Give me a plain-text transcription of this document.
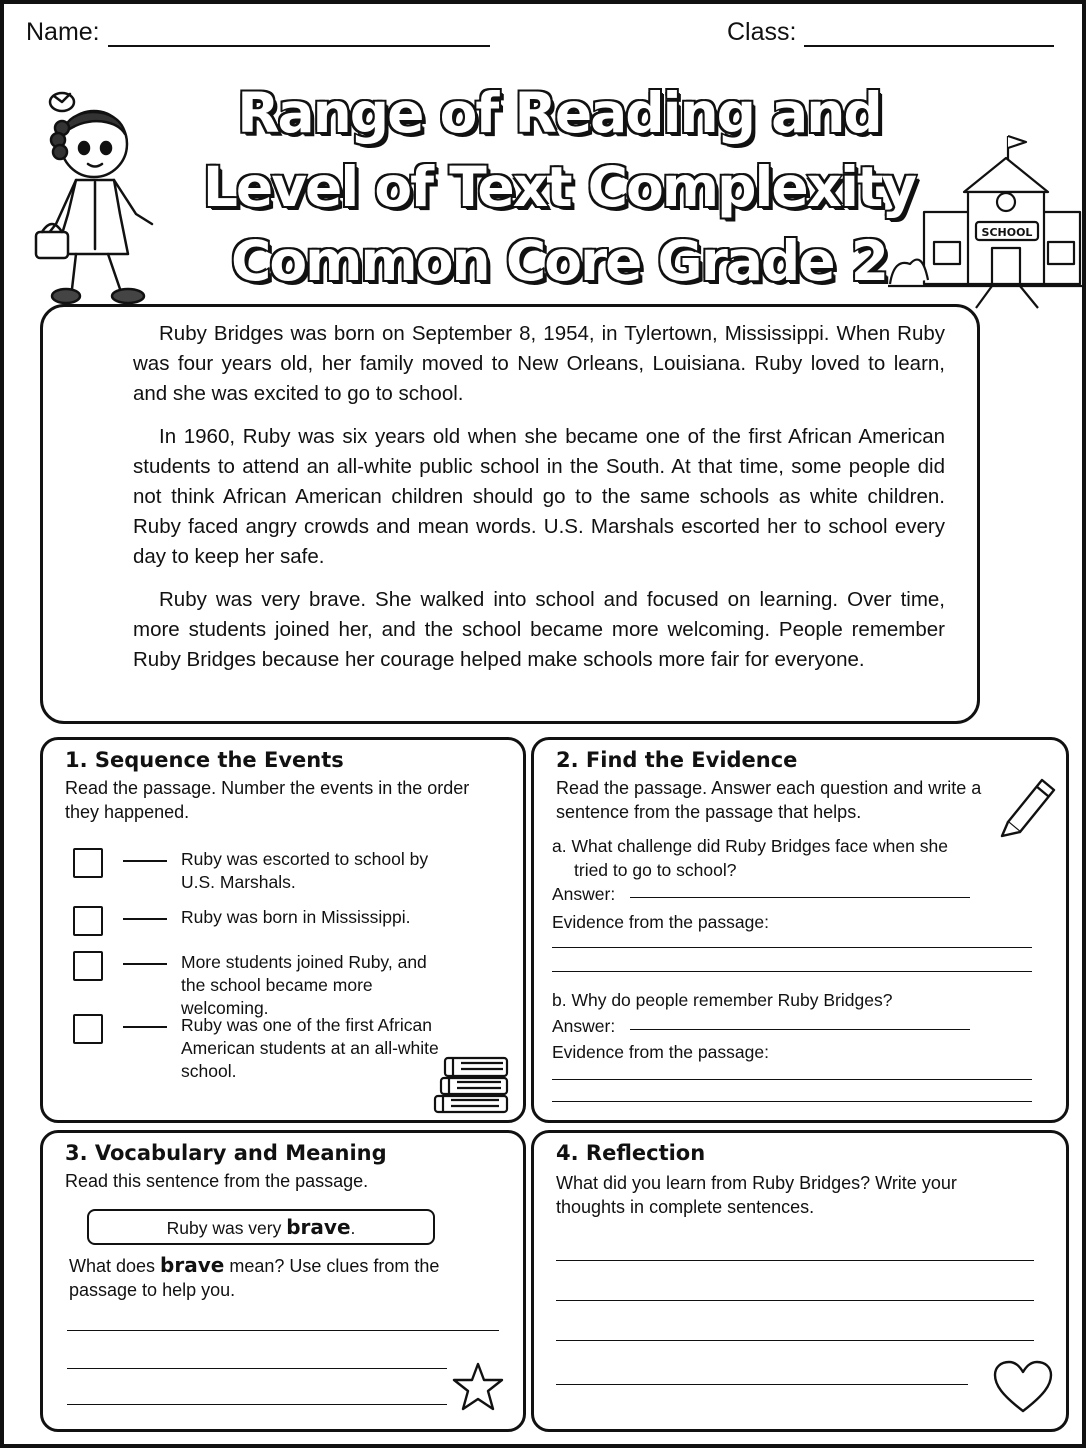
Name:	Class:
Range of Reading and Level of Text Complexity Common Core Grade 2	SCHOOL

Ruby Bridges was born on September 8, 1954, in Tylertown, Mississippi. When Ruby was four years old, her family moved to New Orleans, Louisiana. Ruby loved to learn, and she was excited to go to school.

In 1960, Ruby was six years old when she became one of the first African American students to attend an all-white public school in the South. At that time, some people did not think African American children should go to the same schools as white children. Ruby faced angry crowds and mean words. U.S. Marshals escorted her to school every day to keep her safe.

Ruby was very brave. She walked into school and focused on learning. Over time, more students joined her, and the school became more welcoming. People remember Ruby Bridges because her courage helped make schools more fair for everyone.

1. Sequence the Events
Read the passage. Number the events in the order they happened.
Ruby was escorted to school by U.S. Marshals.
Ruby was born in Mississippi.
More students joined Ruby, and the school became more welcoming.
Ruby was one of the first African American students at an all-white school.
2. Find the Evidence
Read the passage. Answer each question and write a sentence from the passage that helps.
a. What challenge did Ruby Bridges face when she tried to go to school?
Answer:
Evidence from the passage:
b. Why do people remember Ruby Bridges?
Answer:
Evidence from the passage:
3. Vocabulary and Meaning
Read this sentence from the passage.
Ruby was very brave.
What does brave mean? Use clues from the passage to help you.
4. Reflection
What did you learn from Ruby Bridges? Write your thoughts in complete sentences.
